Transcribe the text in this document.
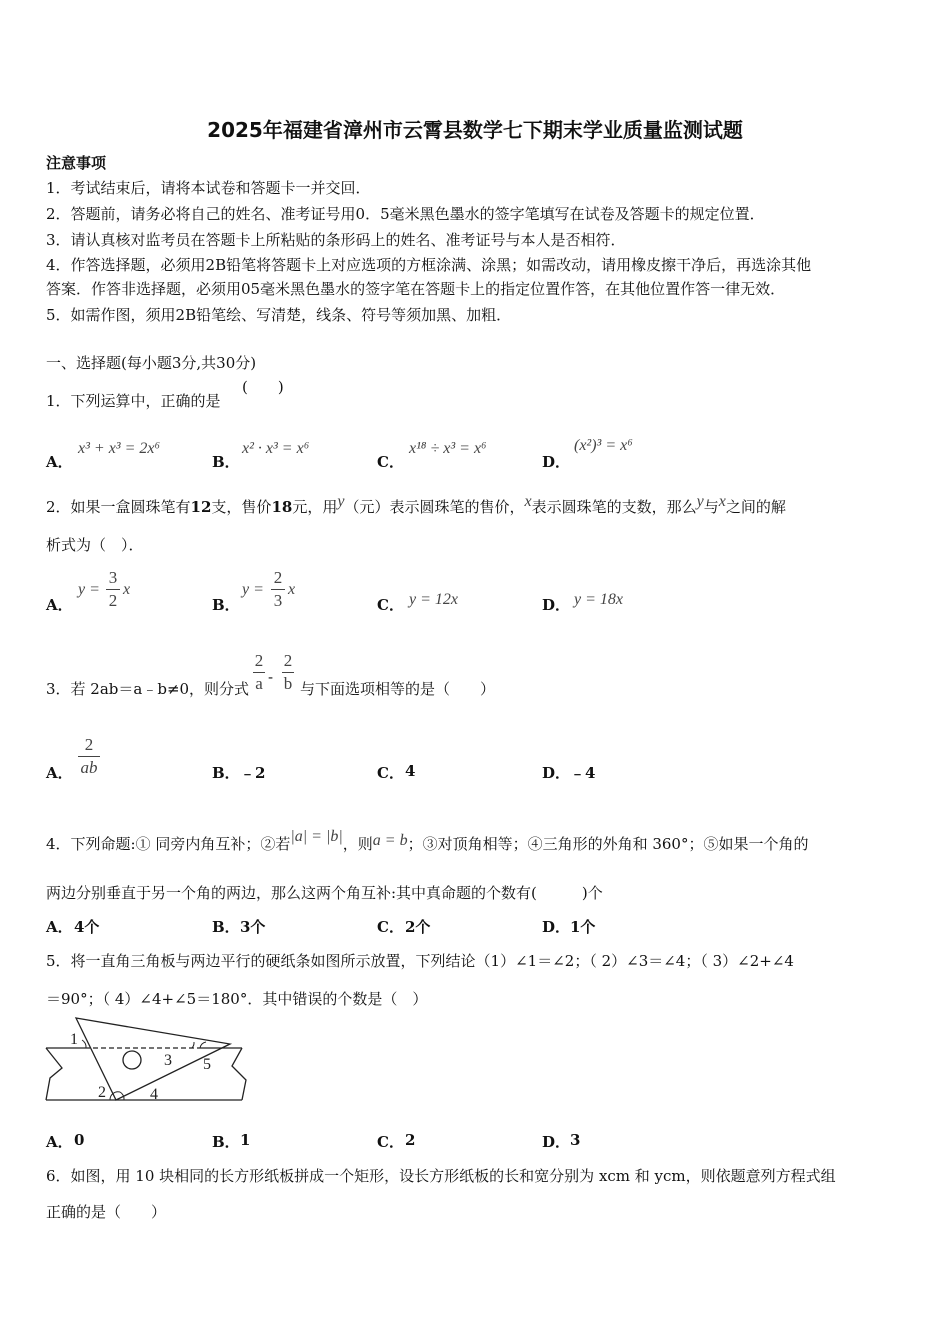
2025年福建省漳州市云霄县数学七下期末学业质量监测试题
注意事项
1．考试结束后，请将本试卷和答题卡一并交回．
2．答题前，请务必将自己的姓名、准考证号用0．5毫米黑色墨水的签字笔填写在试卷及答题卡的规定位置．
3．请认真核对监考员在答题卡上所粘贴的条形码上的姓名、准考证号与本人是否相符．
4．作答选择题，必须用2B铅笔将答题卡上对应选项的方框涂满、涂黑；如需改动，请用橡皮擦干净后，再选涂其他
答案．作答非选择题，必须用05毫米黑色墨水的签字笔在答题卡上的指定位置作答，在其他位置作答一律无效．
5．如需作图，须用2B铅笔绘、写清楚，线条、符号等须加黑、加粗．
一、选择题(每小题3分,共30分)
1．下列运算中，正确的是
(　　)
A．
x³ + x³ = 2x⁶
B．
x² · x³ = x⁶
C．
x¹⁸ ÷ x³ = x⁶
D．
(x²)³ = x⁶
2．如果一盒圆珠笔有12支，售价18元，用y（元）表示圆珠笔的售价，x表示圆珠笔的支数，那么y与x之间的解
析式为（　）．
A．
y =
3
2
x
B．
y =
2
3
x
C． y = 12x	D． y = 18x
3．若 2ab＝a﹣b≠0，则分式
2
a -
2
b 与下面选项相等的是（　　）
A．
2
ab	B． ﹣2	C． 4	D． ﹣4
4．下列命题:① 同旁内角互补；②若|a| = |b|，则a = b；③对顶角相等；④三角形的外角和 360°；⑤如果一个角的
两边分别垂直于另一个角的两边，那么这两个角互补:其中真命题的个数有(　　　)个
A． 4个	B． 3个	C． 2个	D． 1个
5．将一直角三角板与两边平行的硬纸条如图所示放置，下列结论（1）∠1＝∠2；（ 2）∠3＝∠4；（ 3）∠2+∠4
＝90°；（ 4）∠4+∠5＝180°．其中错误的个数是（　）
1
2
3
4
5
A． 0	B． 1	C． 2	D． 3
6．如图，用 10 块相同的长方形纸板拼成一个矩形，设长方形纸板的长和宽分别为 xcm 和 ycm，则依题意列方程式组
正确的是（　　）
